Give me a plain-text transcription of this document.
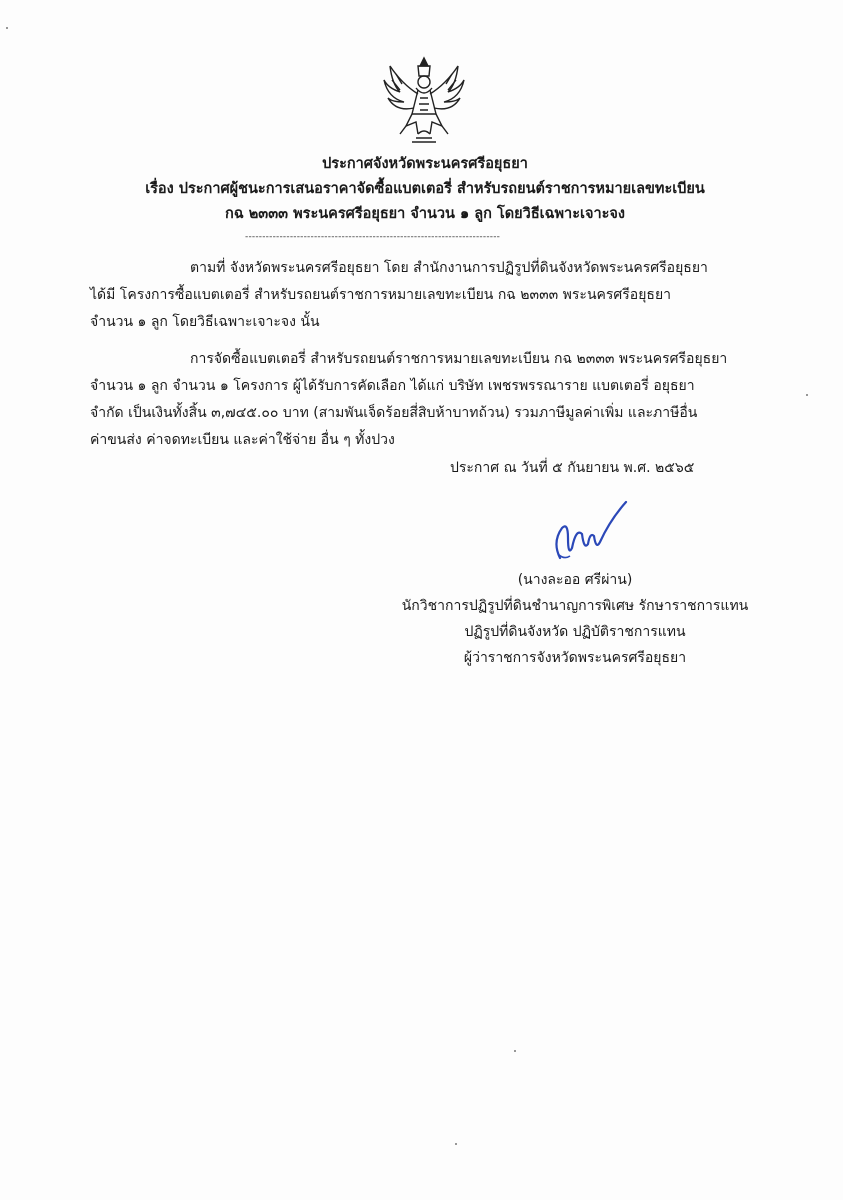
ประกาศจังหวัดพระนครศรีอยุธยา
เรื่อง ประกาศผู้ชนะการเสนอราคาจัดซื้อแบตเตอรี่ สำหรับรถยนต์ราชการหมายเลขทะเบียน
กฉ ๒๓๓๓ พระนครศรีอยุธยา จำนวน ๑ ลูก โดยวิธีเฉพาะเจาะจง
--------------------------------------------------------------------------
ตามที่ จังหวัดพระนครศรีอยุธยา โดย สำนักงานการปฏิรูปที่ดินจังหวัดพระนครศรีอยุธยา
ได้มี โครงการซื้อแบตเตอรี่ สำหรับรถยนต์ราชการหมายเลขทะเบียน กฉ ๒๓๓๓ พระนครศรีอยุธยา
จำนวน ๑ ลูก โดยวิธีเฉพาะเจาะจง นั้น
การจัดซื้อแบตเตอรี่ สำหรับรถยนต์ราชการหมายเลขทะเบียน กฉ ๒๓๓๓ พระนครศรีอยุธยา
จำนวน ๑ ลูก จำนวน ๑ โครงการ ผู้ได้รับการคัดเลือก ได้แก่ บริษัท เพชรพรรณาราย แบตเตอรี่ อยุธยา
จำกัด เป็นเงินทั้งสิ้น ๓,๗๔๕.๐๐ บาท (สามพันเจ็ดร้อยสี่สิบห้าบาทถ้วน) รวมภาษีมูลค่าเพิ่ม และภาษีอื่น
ค่าขนส่ง ค่าจดทะเบียน และค่าใช้จ่าย อื่น ๆ ทั้งปวง
ประกาศ ณ วันที่ ๕ กันยายน พ.ศ. ๒๕๖๕
(นางละออ ศรีผ่าน)
นักวิชาการปฏิรูปที่ดินชำนาญการพิเศษ รักษาราชการแทน
ปฏิรูปที่ดินจังหวัด ปฏิบัติราชการแทน
ผู้ว่าราชการจังหวัดพระนครศรีอยุธยา
